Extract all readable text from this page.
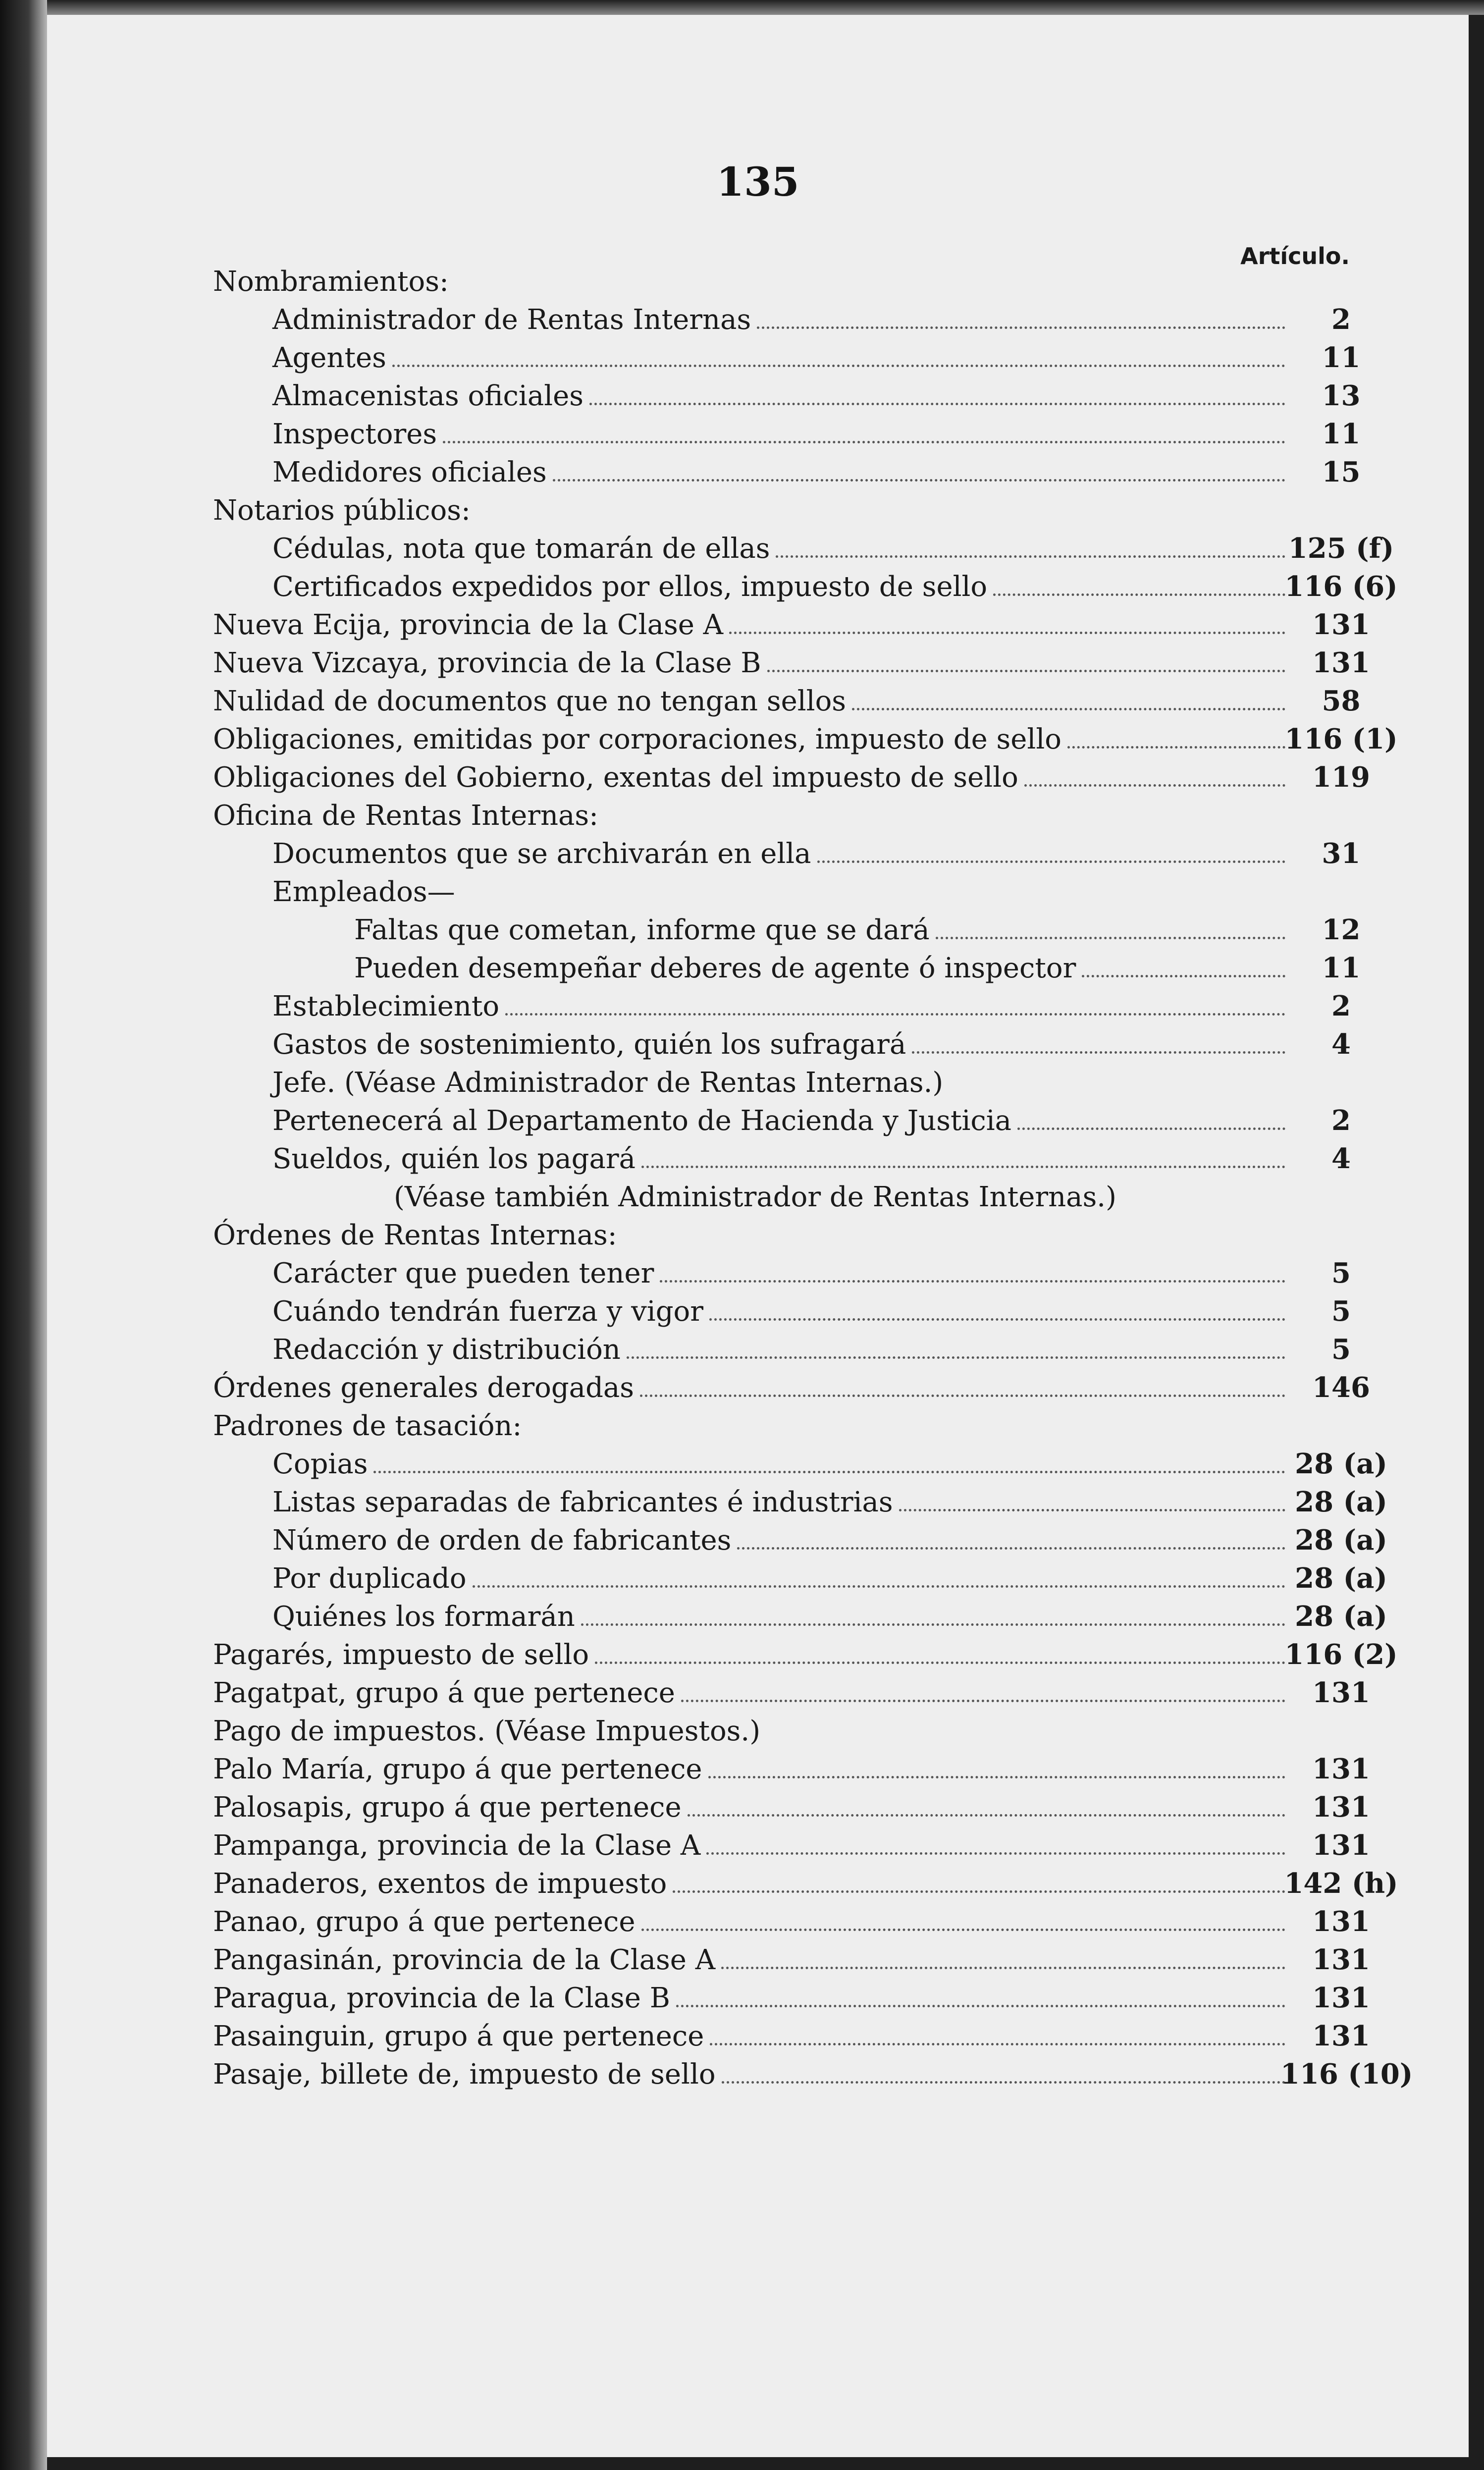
135
Artículo.
Nombramientos:
Administrador de Rentas Internas	2
Agentes	11
Almacenistas oficiales	13
Inspectores	11
Medidores oficiales	15
Notarios públicos:
Cédulas, nota que tomarán de ellas	125 (f)
Certificados expedidos por ellos, impuesto de sello	116 (6)
Nueva Ecija, provincia de la Clase A	131
Nueva Vizcaya, provincia de la Clase B	131
Nulidad de documentos que no tengan sellos	58
Obligaciones, emitidas por corporaciones, impuesto de sello	116 (1)
Obligaciones del Gobierno, exentas del impuesto de sello	119
Oficina de Rentas Internas:
Documentos que se archivarán en ella	31
Empleados—
Faltas que cometan, informe que se dará	12
Pueden desempeñar deberes de agente ó inspector	11
Establecimiento	2
Gastos de sostenimiento, quién los sufragará	4
Jefe. (Véase Administrador de Rentas Internas.)
Pertenecerá al Departamento de Hacienda y Justicia	2
Sueldos, quién los pagará	4
(Véase también Administrador de Rentas Internas.)
Órdenes de Rentas Internas:
Carácter que pueden tener	5
Cuándo tendrán fuerza y vigor	5
Redacción y distribución	5
Órdenes generales derogadas	146
Padrones de tasación:
Copias	28 (a)
Listas separadas de fabricantes é industrias	28 (a)
Número de orden de fabricantes	28 (a)
Por duplicado	28 (a)
Quiénes los formarán	28 (a)
Pagarés, impuesto de sello	116 (2)
Pagatpat, grupo á que pertenece	131
Pago de impuestos. (Véase Impuestos.)
Palo María, grupo á que pertenece	131
Palosapis, grupo á que pertenece	131
Pampanga, provincia de la Clase A	131
Panaderos, exentos de impuesto	142 (h)
Panao, grupo á que pertenece	131
Pangasinán, provincia de la Clase A	131
Paragua, provincia de la Clase B	131
Pasainguin, grupo á que pertenece	131
Pasaje, billete de, impuesto de sello	116 (10)
